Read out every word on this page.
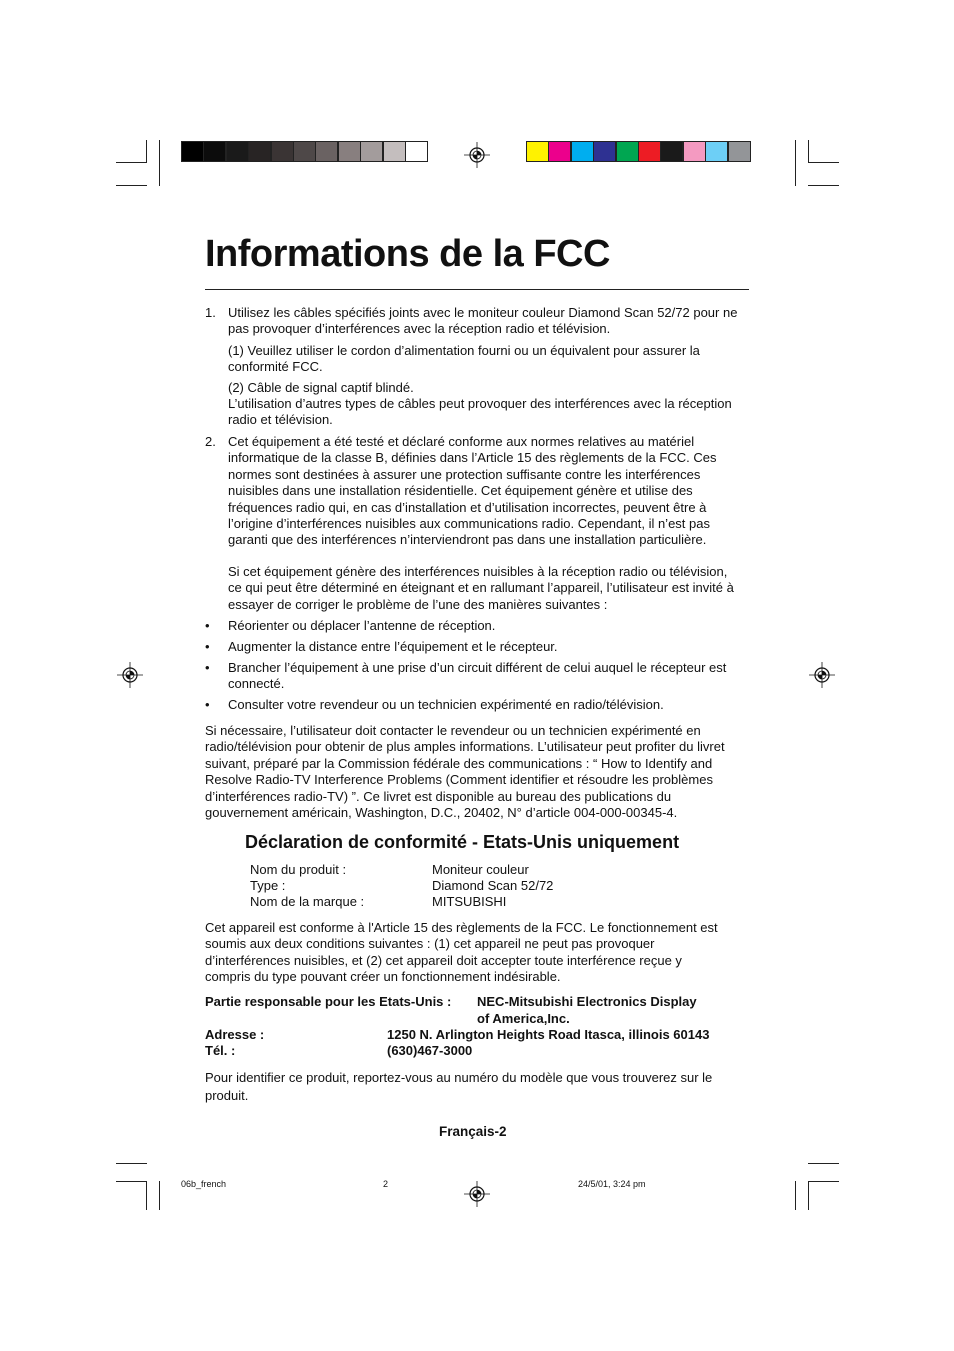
Informations de la FCC
1. Utilisez les câbles spécifiés joints avec le moniteur couleur Diamond Scan 52/72 pour ne pas provoquer d’interférences avec la réception radio et télévision.
(1) Veuillez utiliser le cordon d’alimentation fourni ou un équivalent pour assurer la conformité FCC.
(2) Câble de signal captif blindé.
L’utilisation d’autres types de câbles peut provoquer des interférences avec la réception radio et télévision.
2. Cet équipement a été testé et déclaré conforme aux normes relatives au matériel informatique de la classe B, définies dans l’Article 15 des règlements de la FCC. Ces normes sont destinées à assurer une protection suffisante contre les interférences nuisibles dans une installation résidentielle. Cet équipement génère et utilise des fréquences radio qui, en cas d’installation et d’utilisation incorrectes, peuvent être à l’origine d’interférences nuisibles aux communications radio. Cependant, il n’est pas garanti que des interférences n’interviendront pas dans une installation particulière.
Si cet équipement génère des interférences nuisibles à la réception radio ou télévision, ce qui peut être déterminé en éteignant et en rallumant l’appareil, l’utilisateur est invité à essayer de corriger le problème de l’une des manières suivantes :
• Réorienter ou déplacer l’antenne de réception.
• Augmenter la distance entre l’équipement et le récepteur.
• Brancher l’équipement à une prise d’un circuit différent de celui auquel le récepteur est connecté.
• Consulter votre revendeur ou un technicien expérimenté en radio/télévision.
Si nécessaire, l’utilisateur doit contacter le revendeur ou un technicien expérimenté en radio/télévision pour obtenir de plus amples informations. L’utilisateur peut profiter du livret suivant, préparé par la Commission fédérale des communications : “ How to Identify and Resolve Radio-TV Interference Problems (Comment identifier et résoudre les problèmes d’interférences radio-TV) ”. Ce livret est disponible au bureau des publications du gouvernement américain, Washington, D.C., 20402, N° d’article 004-000-00345-4.
Déclaration de conformité - Etats-Unis uniquement
Nom du produit :	Moniteur couleur
Type :	Diamond Scan 52/72
Nom de la marque :	MITSUBISHI
Cet appareil est conforme à l'Article 15 des règlements de la FCC. Le fonctionnement est soumis aux deux conditions suivantes : (1) cet appareil ne peut pas provoquer d’interférences nuisibles, et (2) cet appareil doit accepter toute interférence reçue y compris du type pouvant créer un fonctionnement indésirable.
Partie responsable pour les Etats-Unis : NEC-Mitsubishi Electronics Display
of America,Inc.
Adresse :	1250 N. Arlington Heights Road Itasca, illinois 60143
Tél. :	(630)467-3000
Pour identifier ce produit, reportez-vous au numéro du modèle que vous trouverez sur le produit.
Français-2
06b_french	2	24/5/01, 3:24 pm
